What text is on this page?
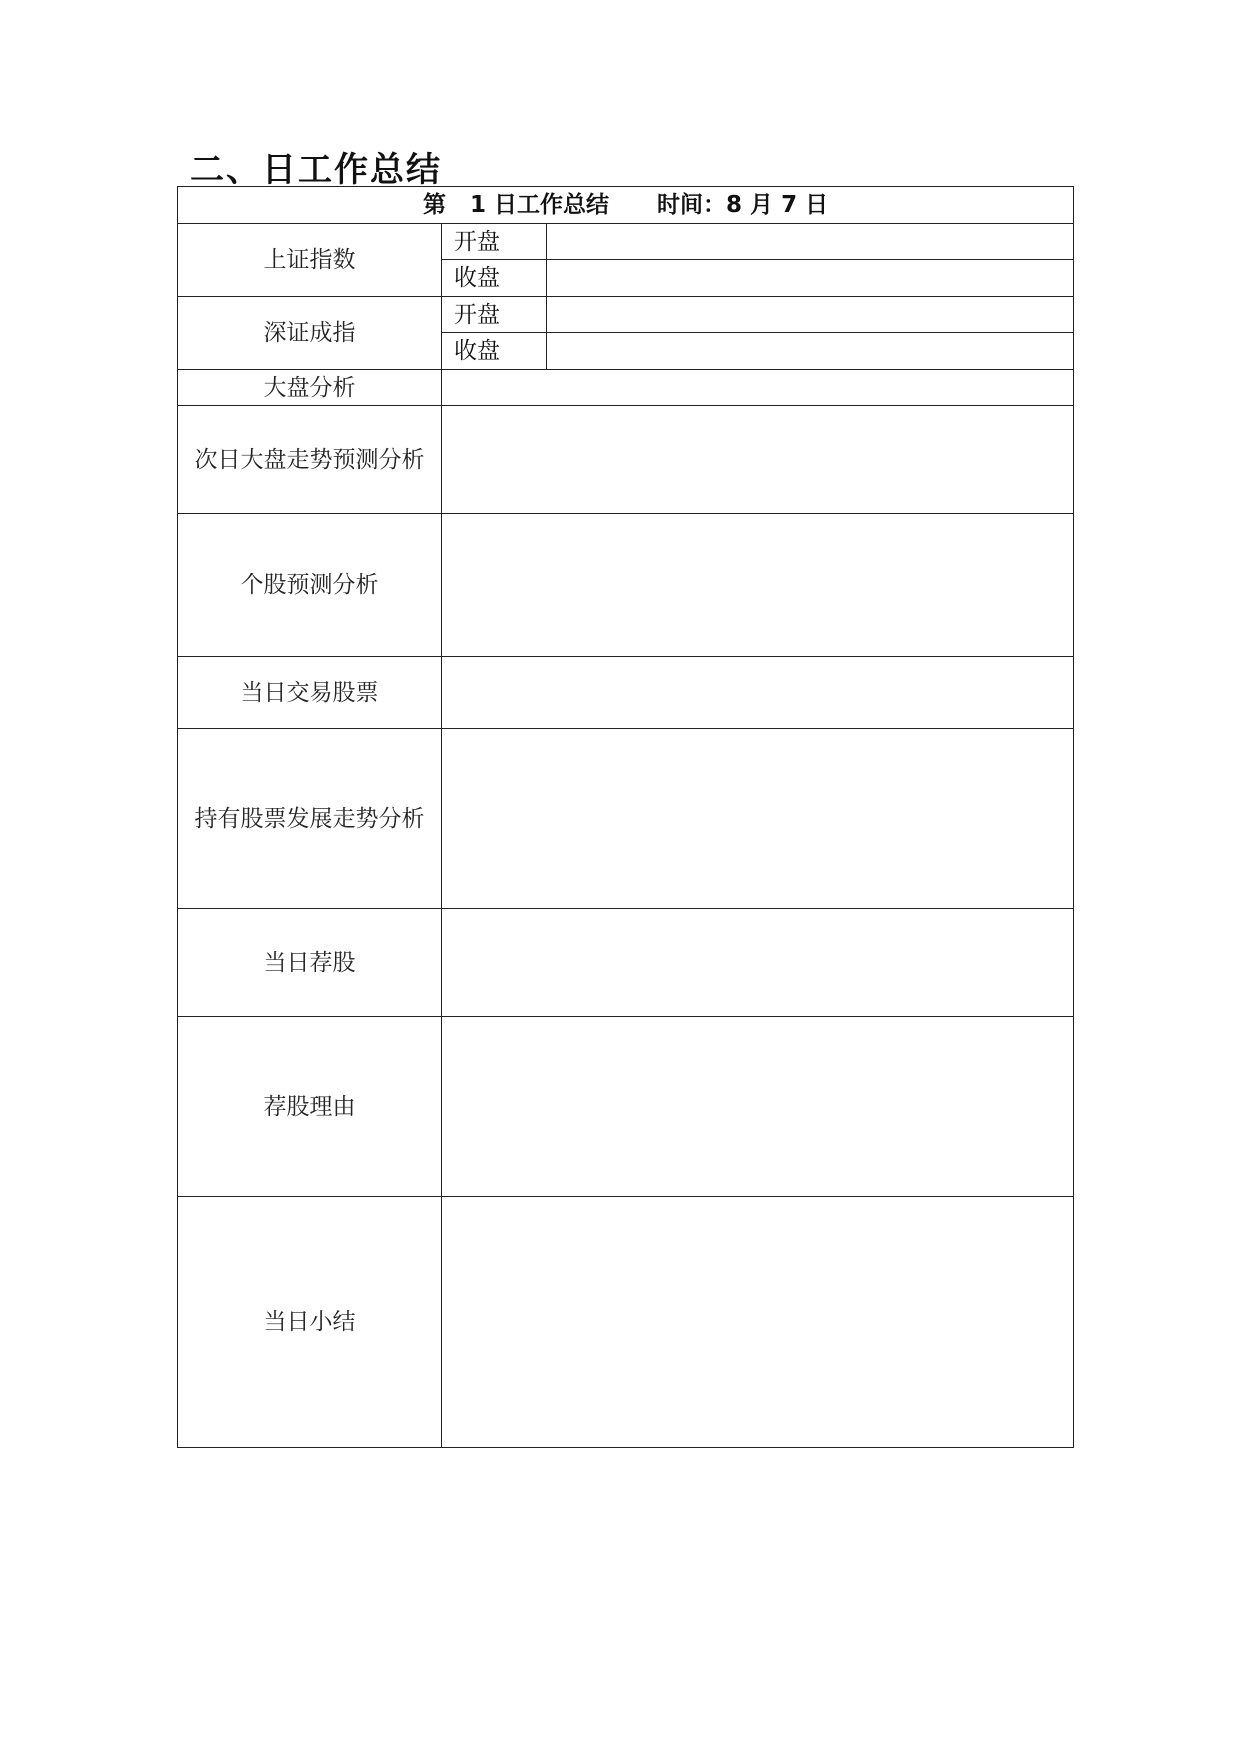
二、日工作总结
第 1 日工作总结 时间：8 月 7 日		
上证指数	开盘	
	收盘	
深证成指	开盘	
	收盘	
大盘分析		
次日大盘走势预测分析		
个股预测分析		
当日交易股票		
持有股票发展走势分析		
当日荐股		
荐股理由		
当日小结		
